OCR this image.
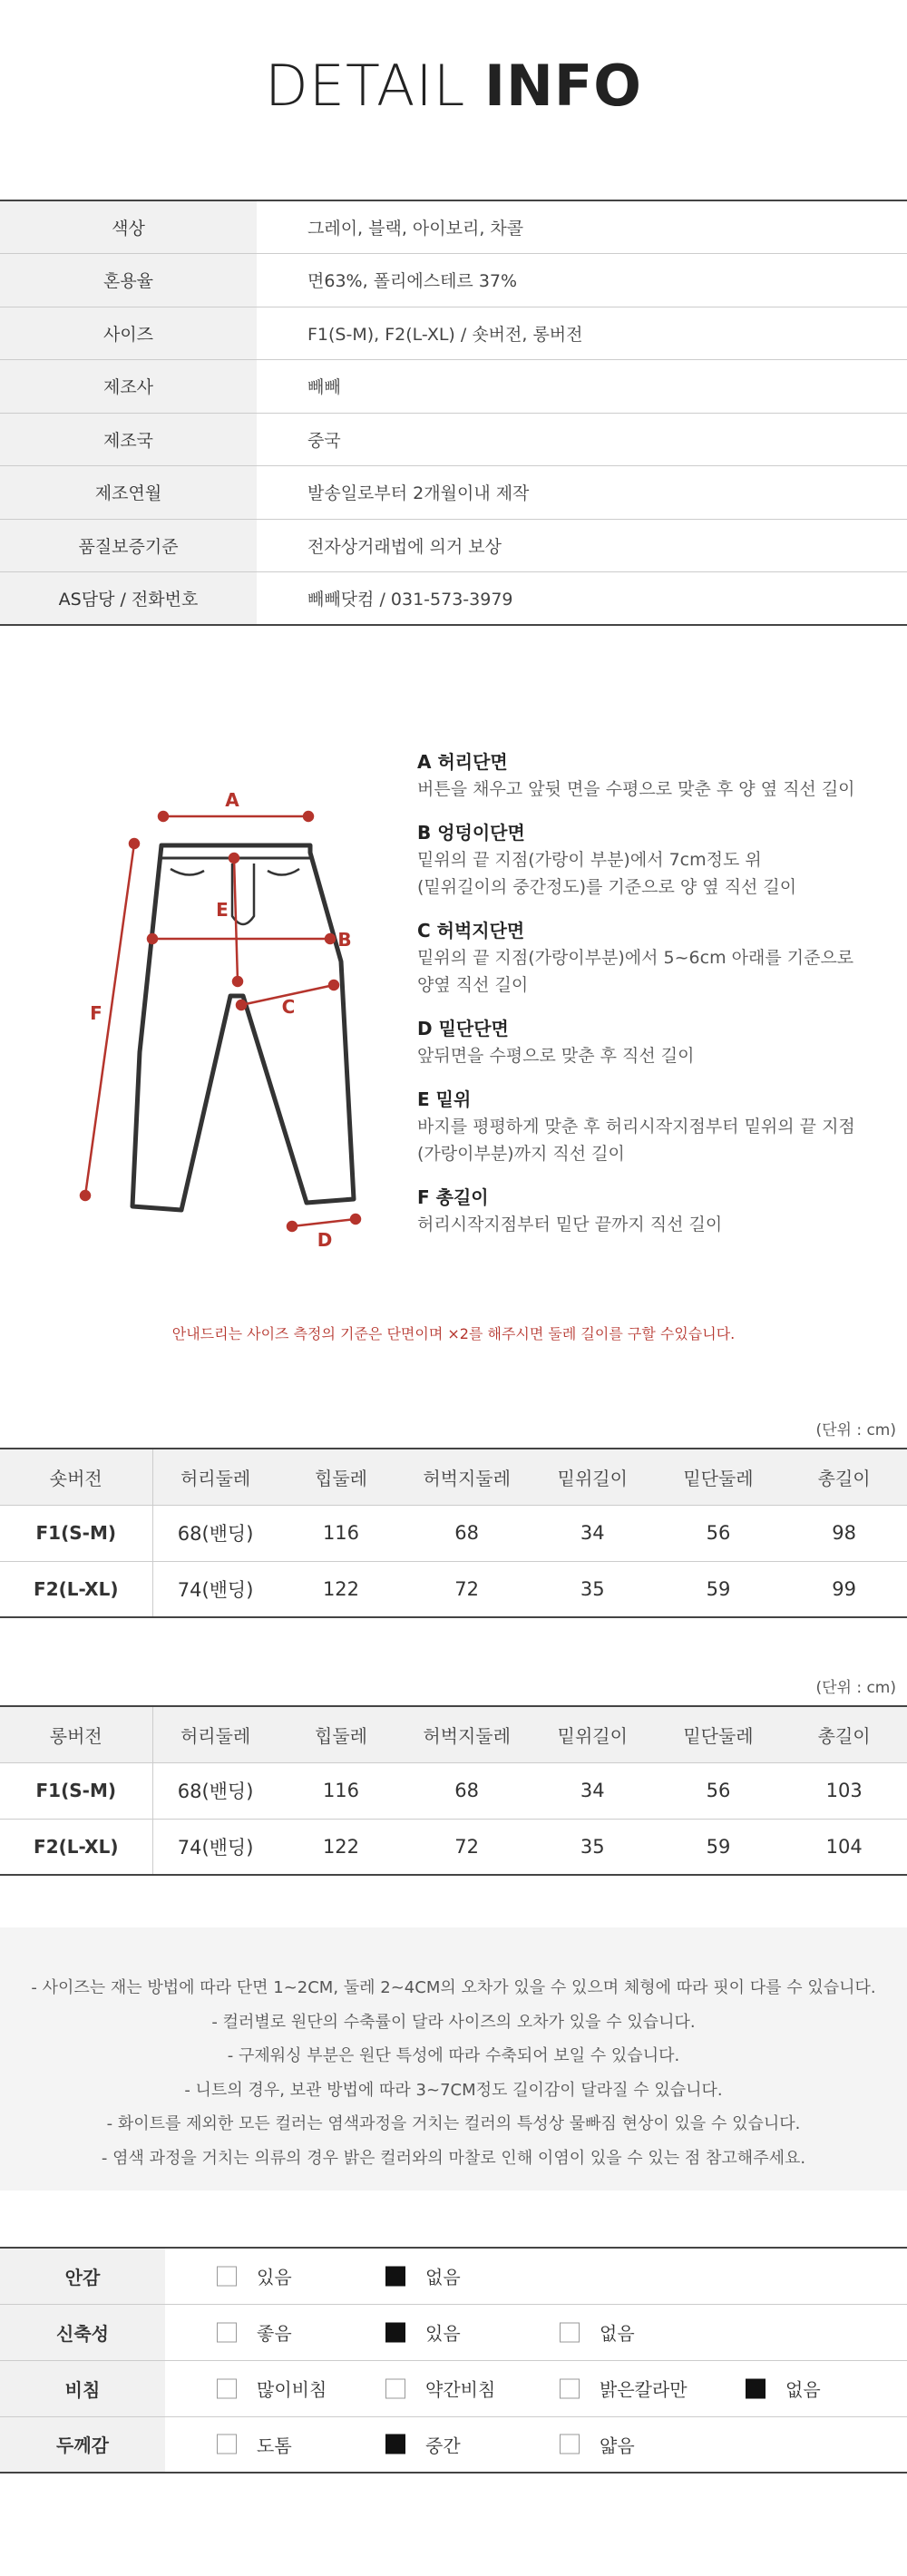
DETAIL INFO
색상	그레이, 블랙, 아이보리, 차콜
혼용율	면63%, 폴리에스테르 37%
사이즈	F1(S-M), F2(L-XL) / 숏버전, 롱버전
제조사	빼빼
제조국	중국
제조연월	발송일로부터 2개월이내 제작
품질보증기준	전자상거래법에 의거 보상
AS담당 / 전화번호	빼빼닷컴 / 031-573-3979
A
B
C
D
E
F
A 허리단면

버튼을 채우고 앞뒷 면을 수평으로 맞춘 후 양 옆 직선 길이

B 엉덩이단면

밑위의 끝 지점(가랑이 부분)에서 7cm정도 위

(밑위길이의 중간정도)를 기준으로 양 옆 직선 길이

C 허벅지단면

밑위의 끝 지점(가랑이부분)에서 5~6cm 아래를 기준으로

양옆 직선 길이

D 밑단단면

앞뒤면을 수평으로 맞춘 후 직선 길이

E 밑위

바지를 평평하게 맞춘 후 허리시작지점부터 밑위의 끝 지점

(가랑이부분)까지 직선 길이

F 총길이

허리시작지점부터 밑단 끝까지 직선 길이

안내드리는 사이즈 측정의 기준은 단면이며 ×2를 해주시면 둘레 길이를 구할 수있습니다.

(단위 : cm)
숏버전	허리둘레	힙둘레	허벅지둘레	밑위길이	밑단둘레	총길이
F1(S-M)	68(밴딩)	116	68	34	56	98
F2(L-XL)	74(밴딩)	122	72	35	59	99
(단위 : cm)
롱버전	허리둘레	힙둘레	허벅지둘레	밑위길이	밑단둘레	총길이
F1(S-M)	68(밴딩)	116	68	34	56	103
F2(L-XL)	74(밴딩)	122	72	35	59	104

- 사이즈는 재는 방법에 따라 단면 1~2CM, 둘레 2~4CM의 오차가 있을 수 있으며 체형에 따라 핏이 다를 수 있습니다.

- 컬러별로 원단의 수축률이 달라 사이즈의 오차가 있을 수 있습니다.

- 구제워싱 부분은 원단 특성에 따라 수축되어 보일 수 있습니다.

- 니트의 경우, 보관 방법에 따라 3~7CM정도 길이감이 달라질 수 있습니다.

- 화이트를 제외한 모든 컬러는 염색과정을 거치는 컬러의 특성상 물빠짐 현상이 있을 수 있습니다.

- 염색 과정을 거치는 의류의 경우 밝은 컬러와의 마찰로 인해 이염이 있을 수 있는 점 참고해주세요.

안감	있음 없음

신축성	좋음 있음 없음

비침	많이비침 약간비침 밝은칼라만 없음

두께감	도톰 중간 얇음
